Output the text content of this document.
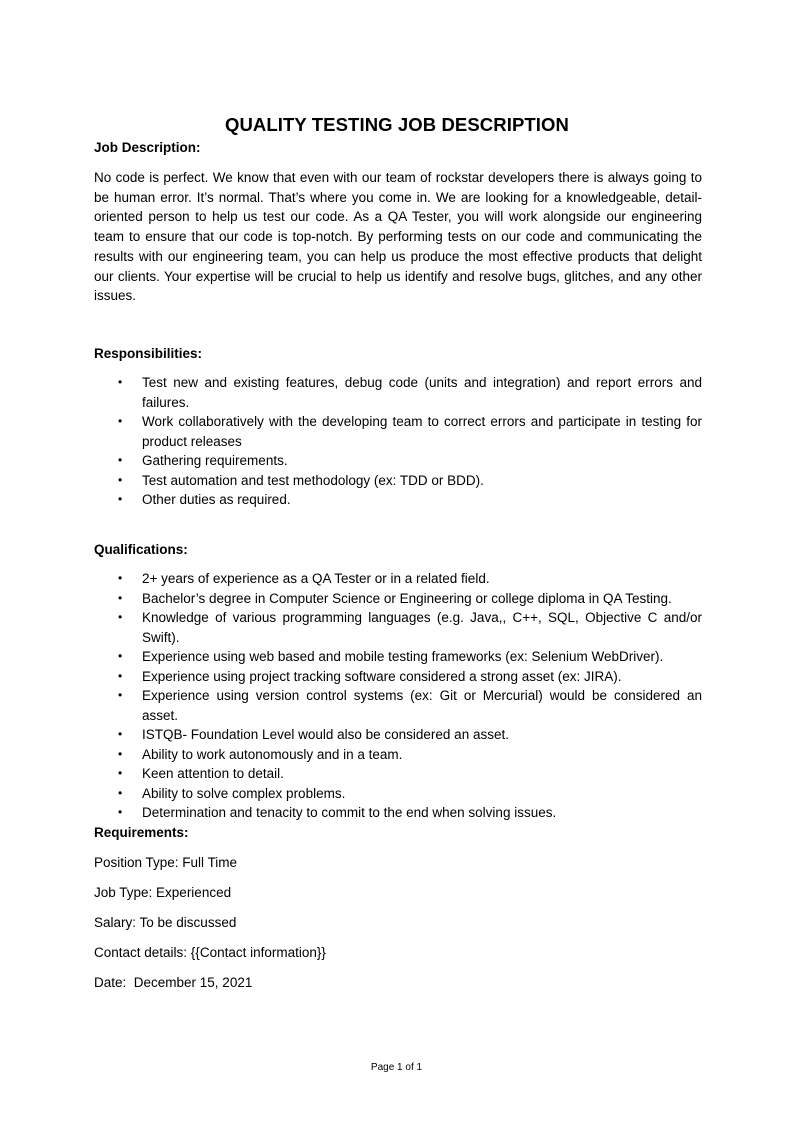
QUALITY TESTING JOB DESCRIPTION
Job Description:
No code is perfect. We know that even with our team of rockstar developers there is always going to be human error. It’s normal. That’s where you come in. We are looking for a knowledgeable, detail-oriented person to help us test our code. As a QA Tester, you will work alongside our engineering team to ensure that our code is top-notch. By performing tests on our code and communicating the results with our engineering team, you can help us produce the most effective products that delight our clients. Your expertise will be crucial to help us identify and resolve bugs, glitches, and any other issues.
Responsibilities:
•	Test new and existing features, debug code (units and integration) and report errors and failures.
•	Work collaboratively with the developing team to correct errors and participate in testing for product releases
•	Gathering requirements.
•	Test automation and test methodology (ex: TDD or BDD).
•	Other duties as required.
Qualifications:
•	2+ years of experience as a QA Tester or in a related field.
•	Bachelor’s degree in Computer Science or Engineering or college diploma in QA Testing.
•	Knowledge of various programming languages (e.g. Java,, C++, SQL, Objective C and/or Swift).
•	Experience using web based and mobile testing frameworks (ex: Selenium WebDriver).
•	Experience using project tracking software considered a strong asset (ex: JIRA).
•	Experience using version control systems (ex: Git or Mercurial) would be considered an asset.
•	ISTQB- Foundation Level would also be considered an asset.
•	Ability to work autonomously and in a team.
•	Keen attention to detail.
•	Ability to solve complex problems.
•	Determination and tenacity to commit to the end when solving issues.
Requirements:
Position Type: Full Time
Job Type: Experienced
Salary: To be discussed
Contact details: {{Contact information}}
Date:  December 15, 2021
Page 1 of 1
